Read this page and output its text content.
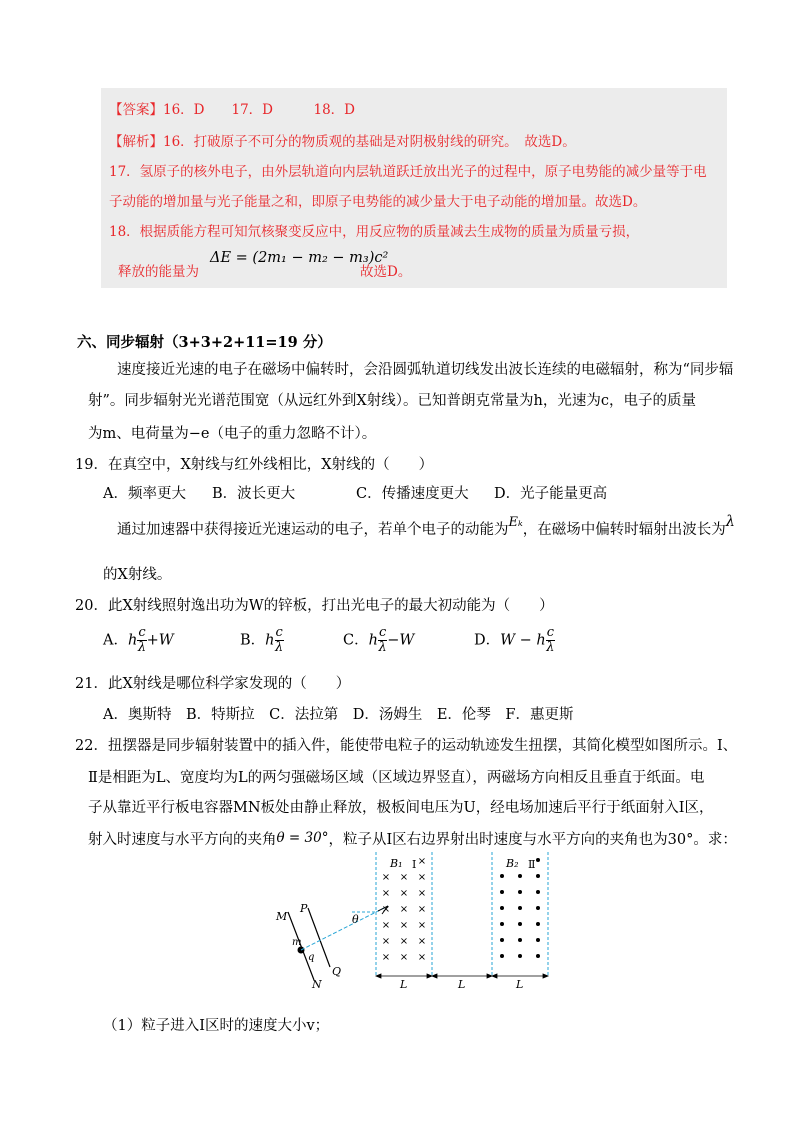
【答案】16．D　　17．D　　　18．D
【解析】16．打破原子不可分的物质观的基础是对阴极射线的研究。　故选D。
17．氢原子的核外电子，由外层轨道向内层轨道跃迁放出光子的过程中，原子电势能的减少量等于电
子动能的增加量与光子能量之和，即原子电势能的减少量大于电子动能的增加量。故选D。
18．根据质能方程可知氘核聚变反应中，用反应物的质量减去生成物的质量为质量亏损，
释放的能量为
ΔE = (2m₁ − m₂ − m₃)c²
故选D。
六、同步辐射（3+3+2+11=19 分）
速度接近光速的电子在磁场中偏转时，会沿圆弧轨道切线发出波长连续的电磁辐射，称为“同步辐
射”。同步辐射光光谱范围宽（从远红外到X射线）。已知普朗克常量为h，光速为c，电子的质量
为m、电荷量为−e（电子的重力忽略不计）。
19．在真空中，X射线与红外线相比，X射线的（　　）
A．频率更大 B．波长更大	C．传播速度更大 D．光子能量更高
通过加速器中获得接近光速运动的电子，若单个电子的动能为Eₖ，在磁场中偏转时辐射出波长为λ
的X射线。
20．此X射线照射逸出功为W的锌板，打出光电子的最大初动能为（　　）
A．h $\frac{c}{\lambda} +W$	B．h $\frac{c}{\lambda}$	C．h $\frac{c}{\lambda} -W$	D．W − h $\frac{c}{\lambda}$
21．此X射线是哪位科学家发现的（　　）
A．奥斯特　B．特斯拉　C．法拉第　D．汤姆生　E．伦琴　F．惠更斯
22．扭摆器是同步辐射装置中的插入件，能使带电粒子的运动轨迹发生扭摆，其简化模型如图所示。Ⅰ、
Ⅱ是相距为L、宽度均为L的两匀强磁场区域（区域边界竖直），两磁场方向相反且垂直于纸面。电
子从靠近平行板电容器MN板处由静止释放，极板间电压为U，经电场加速后平行于纸面射入Ⅰ区，
射入时速度与水平方向的夹角θ = 30°，粒子从Ⅰ区右边界射出时速度与水平方向的夹角也为30°。求：
×
× × ×
× × ×
× × ×
× × ×
× × ×
× × ×
M
P
m
q
Q
N
θ
B₁ Ⅰ	B₂ Ⅱ
L	L	L
（1）粒子进入Ⅰ区时的速度大小v；
